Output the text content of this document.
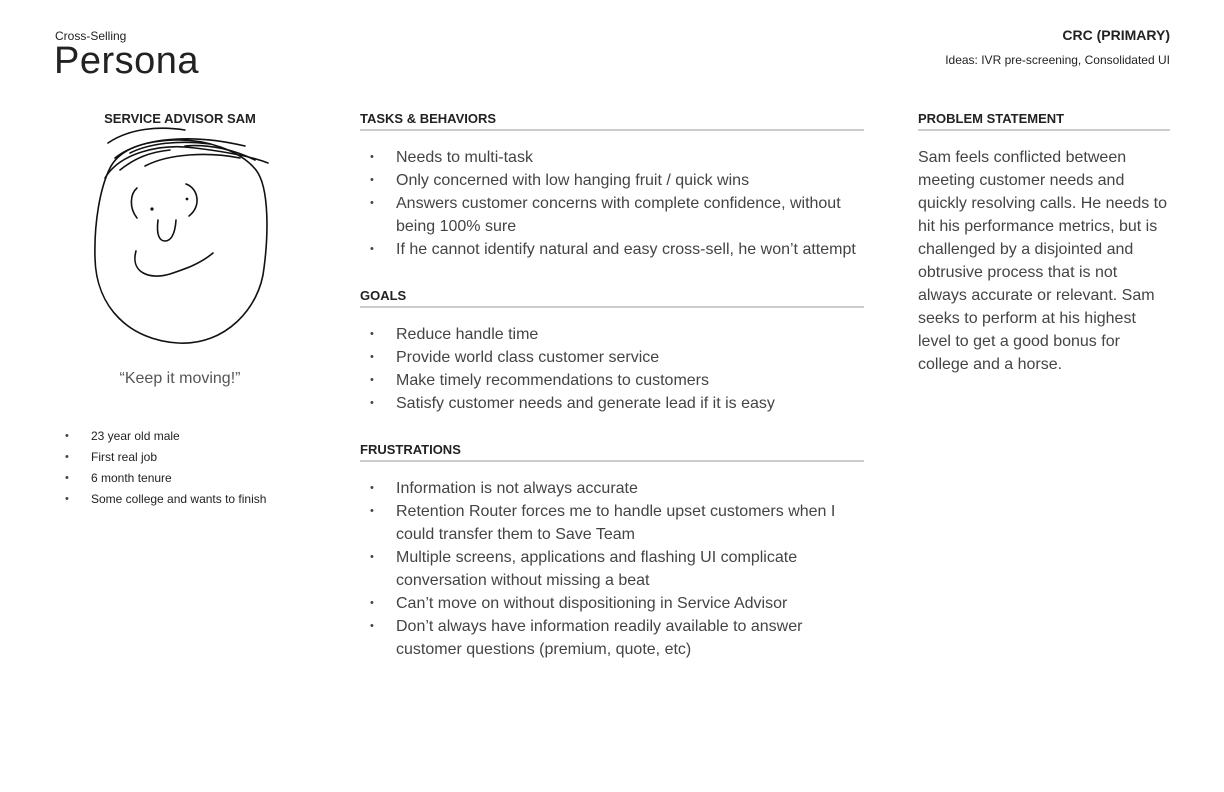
Cross-Selling
Persona
CRC (PRIMARY)
Ideas: IVR pre-screening, Consolidated UI
SERVICE ADVISOR SAM
“Keep it moving!”
• 23 year old male
• First real job
• 6 month tenure
• Some college and wants to finish
TASKS & BEHAVIORS
• Needs to multi-task
• Only concerned with low hanging fruit / quick wins
• Answers customer concerns with complete confidence, without being 100% sure
• If he cannot identify natural and easy cross-sell, he won’t attempt
GOALS
• Reduce handle time
• Provide world class customer service
• Make timely recommendations to customers
• Satisfy customer needs and generate lead if it is easy
FRUSTRATIONS
• Information is not always accurate
• Retention Router forces me to handle upset customers when I could transfer them to Save Team
• Multiple screens, applications and flashing UI complicate conversation without missing a beat
• Can’t move on without dispositioning in Service Advisor
• Don’t always have information readily available to answer customer questions (premium, quote, etc)
PROBLEM STATEMENT

Sam feels conflicted between meeting customer needs and quickly resolving calls. He needs to hit his performance metrics, but is challenged by a disjointed and obtrusive process that is not always accurate or relevant. Sam seeks to perform at his highest level to get a good bonus for college and a horse.
